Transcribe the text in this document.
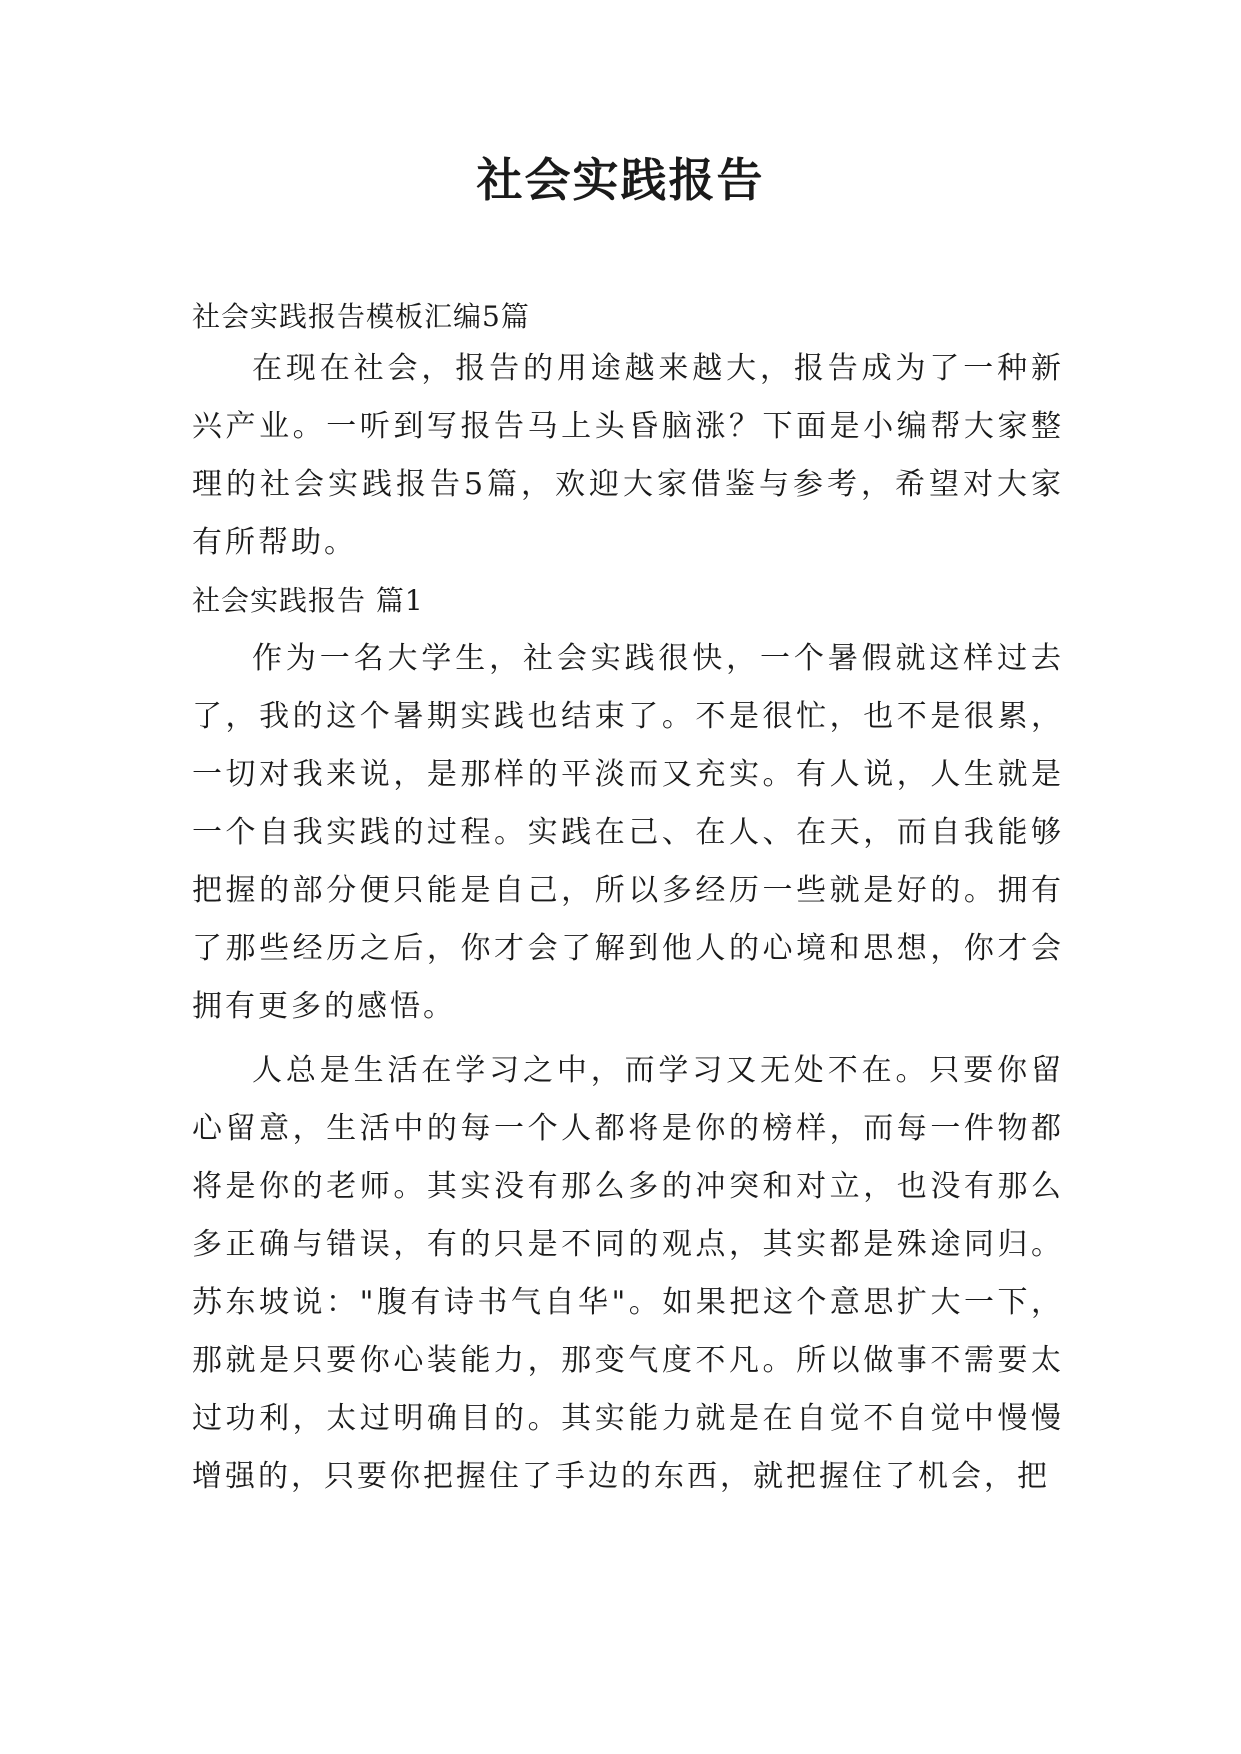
社会实践报告

社会实践报告模板汇编5篇

在现在社会，报告的用途越来越大，报告成为了一种新兴产业。一听到写报告马上头昏脑涨？下面是小编帮大家整理的社会实践报告5篇，欢迎大家借鉴与参考，希望对大家有所帮助。

社会实践报告 篇1

作为一名大学生，社会实践很快，一个暑假就这样过去了，我的这个暑期实践也结束了。不是很忙，也不是很累，一切对我来说，是那样的平淡而又充实。有人说，人生就是一个自我实践的过程。实践在己、在人、在天，而自我能够把握的部分便只能是自己，所以多经历一些就是好的。拥有了那些经历之后，你才会了解到他人的心境和思想，你才会拥有更多的感悟。

人总是生活在学习之中，而学习又无处不在。只要你留心留意，生活中的每一个人都将是你的榜样，而每一件物都将是你的老师。其实没有那么多的冲突和对立，也没有那么多正确与错误，有的只是不同的观点，其实都是殊途同归。苏东坡说："腹有诗书气自华"。如果把这个意思扩大一下，那就是只要你心装能力，那变气度不凡。所以做事不需要太过功利，太过明确目的。其实能力就是在自觉不自觉中慢慢增强的，只要你把握住了手边的东西，就把握住了机会，把
